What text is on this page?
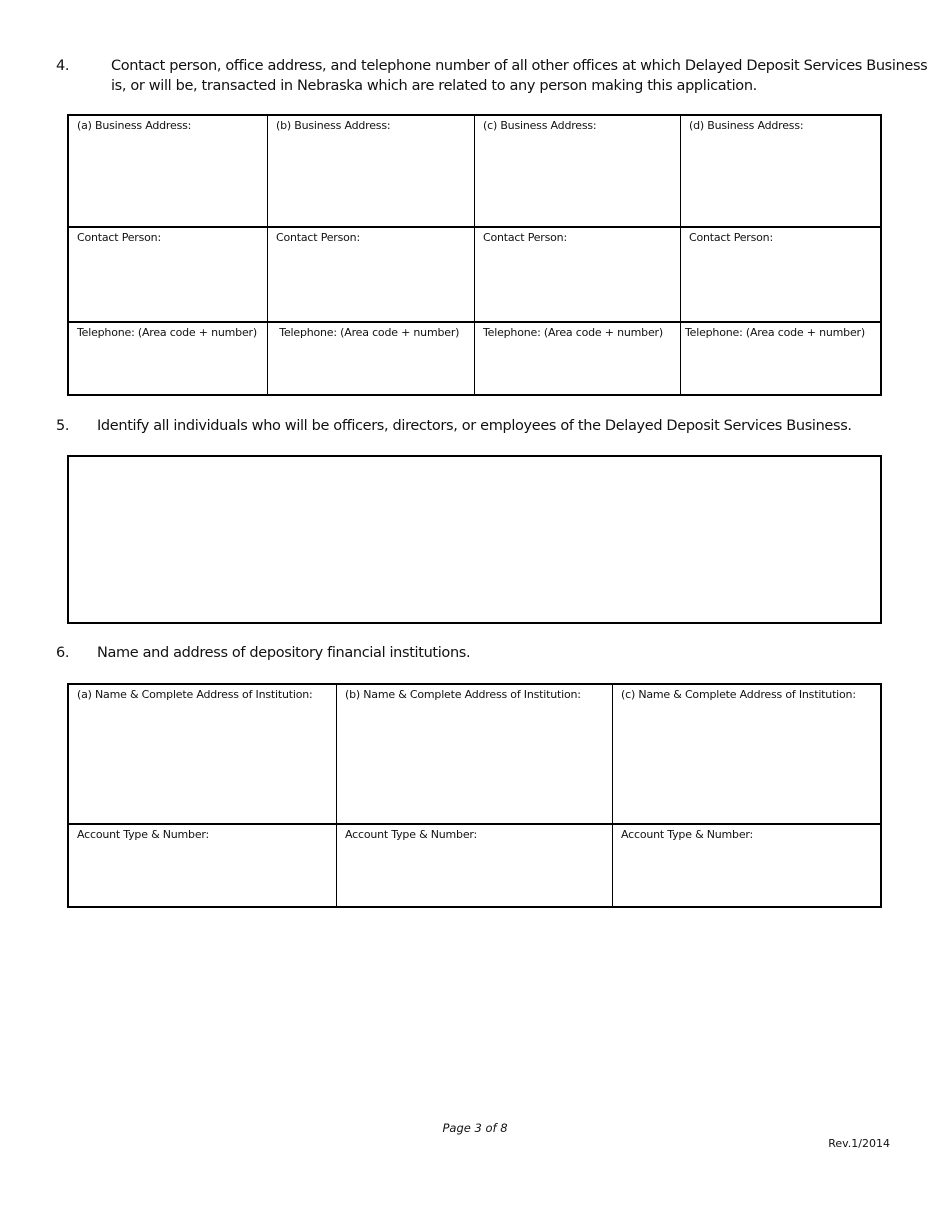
4.	Contact person, office address, and telephone number of all other offices at which Delayed Deposit Services Business
is, or will be, transacted in Nebraska which are related to any person making this application.
(a) Business Address:	(b) Business Address:	(c) Business Address:	(d) Business Address:
Contact Person:	Contact Person:	Contact Person:	Contact Person:
Telephone: (Area code + number)	Telephone: (Area code + number)	Telephone: (Area code + number)	Telephone: (Area code + number)
5. Identify all individuals who will be officers, directors, or employees of the Delayed Deposit Services Business.
6. Name and address of depository financial institutions.
(a) Name & Complete Address of Institution:	(b) Name & Complete Address of Institution:	(c) Name & Complete Address of Institution:
Account Type & Number:	Account Type & Number:	Account Type & Number:
Page 3 of 8
Rev.1/2014
